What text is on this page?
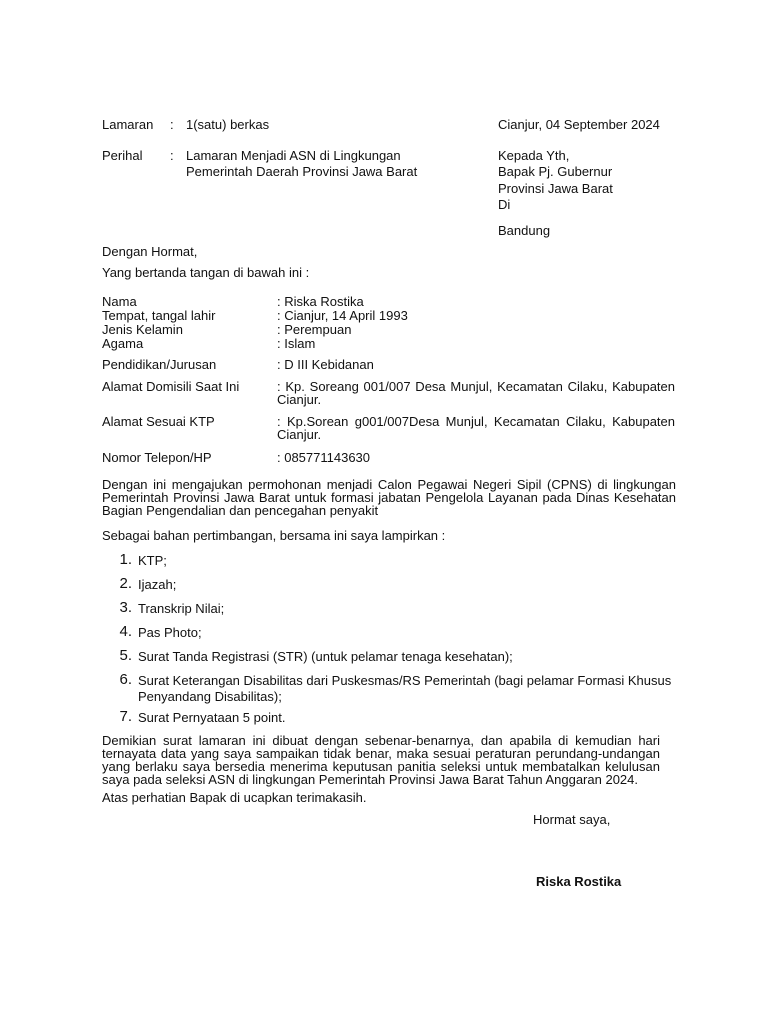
Lamaran : 1(satu) berkas	Cianjur, 04 September 2024
Perihal : Lamaran Menjadi ASN di Lingkungan
Pemerintah Daerah Provinsi Jawa Barat
Kepada Yth,
Bapak Pj. Gubernur
Provinsi Jawa Barat
Di
Bandung
Dengan Hormat,
Yang bertanda tangan di bawah ini :
Nama	: Riska Rostika
Tempat, tangal lahir	: Cianjur, 14 April 1993
Jenis Kelamin	: Perempuan
Agama	: Islam
Pendidikan/Jurusan	: D III Kebidanan
Alamat Domisili Saat Ini	: Kp. Soreang 001/007 Desa Munjul, Kecamatan Cilaku, Kabupaten Cianjur.
Alamat Sesuai KTP	: Kp.Sorean g001/007Desa Munjul, Kecamatan Cilaku, Kabupaten Cianjur.
Nomor Telepon/HP	: 085771143630
Dengan ini mengajukan permohonan menjadi Calon Pegawai Negeri Sipil (CPNS) di lingkungan Pemerintah Provinsi Jawa Barat untuk formasi jabatan Pengelola Layanan pada Dinas Kesehatan Bagian Pengendalian dan pencegahan penyakit
Sebagai bahan pertimbangan, bersama ini saya lampirkan :
1. KTP;
2. Ijazah;
3. Transkrip Nilai;
4. Pas Photo;
5. Surat Tanda Registrasi (STR) (untuk pelamar tenaga kesehatan);
6. Surat Keterangan Disabilitas dari Puskesmas/RS Pemerintah (bagi pelamar Formasi Khusus Penyandang Disabilitas);
7. Surat Pernyataan 5 point.
Demikian surat lamaran ini dibuat dengan sebenar-benarnya, dan apabila di kemudian hari ternayata data yang saya sampaikan tidak benar, maka sesuai peraturan perundang-undangan yang berlaku saya bersedia menerima keputusan panitia seleksi untuk membatalkan kelulusan saya pada seleksi ASN di lingkungan Pemerintah Provinsi Jawa Barat Tahun Anggaran 2024.
Atas perhatian Bapak di ucapkan terimakasih.
Hormat saya,
Riska Rostika
